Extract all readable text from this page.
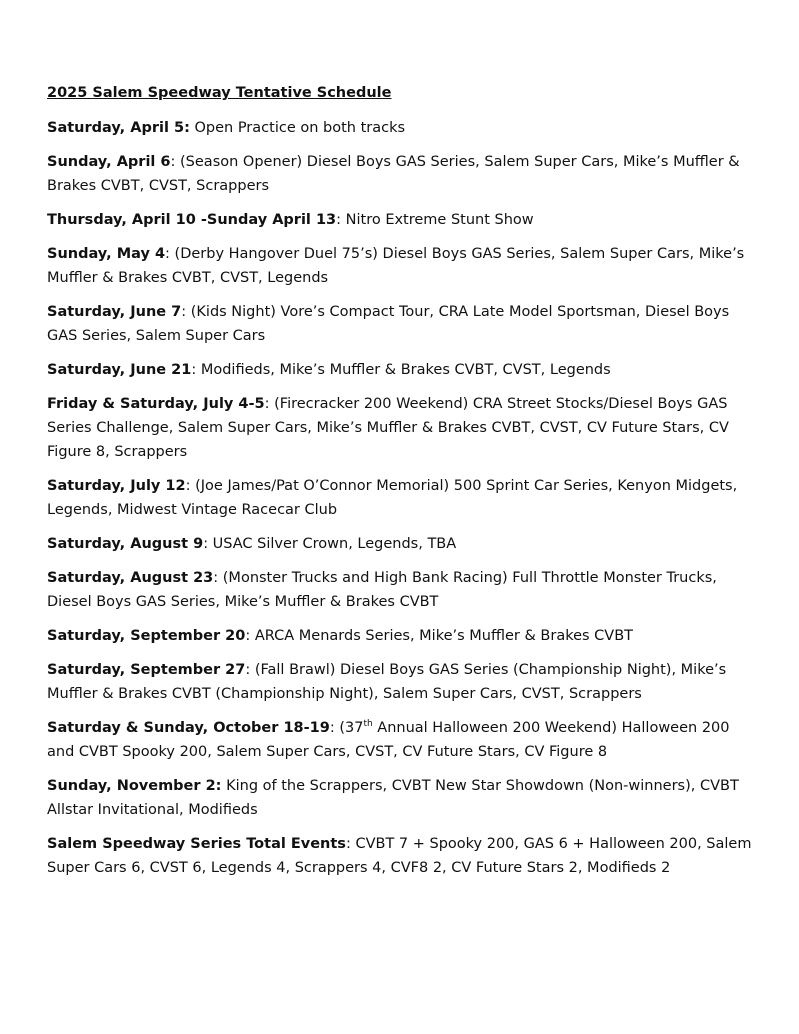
2025 Salem Speedway Tentative Schedule
Saturday, April 5: Open Practice on both tracks
Sunday, April 6: (Season Opener) Diesel Boys GAS Series, Salem Super Cars, Mike’s Muffler & Brakes CVBT, CVST, Scrappers
Thursday, April 10 -Sunday April 13: Nitro Extreme Stunt Show
Sunday, May 4: (Derby Hangover Duel 75’s) Diesel Boys GAS Series, Salem Super Cars, Mike’s Muffler & Brakes CVBT, CVST, Legends
Saturday, June 7: (Kids Night) Vore’s Compact Tour, CRA Late Model Sportsman, Diesel Boys GAS Series, Salem Super Cars
Saturday, June 21: Modifieds, Mike’s Muffler & Brakes CVBT, CVST, Legends
Friday & Saturday, July 4-5: (Firecracker 200 Weekend) CRA Street Stocks/Diesel Boys GAS Series Challenge, Salem Super Cars, Mike’s Muffler & Brakes CVBT, CVST, CV Future Stars, CV Figure 8, Scrappers
Saturday, July 12: (Joe James/Pat O’Connor Memorial) 500 Sprint Car Series, Kenyon Midgets, Legends, Midwest Vintage Racecar Club
Saturday, August 9: USAC Silver Crown, Legends, TBA
Saturday, August 23: (Monster Trucks and High Bank Racing) Full Throttle Monster Trucks, Diesel Boys GAS Series, Mike’s Muffler & Brakes CVBT
Saturday, September 20: ARCA Menards Series, Mike’s Muffler & Brakes CVBT
Saturday, September 27: (Fall Brawl) Diesel Boys GAS Series (Championship Night), Mike’s Muffler & Brakes CVBT (Championship Night), Salem Super Cars, CVST, Scrappers
Saturday & Sunday, October 18-19: (37th Annual Halloween 200 Weekend) Halloween 200 and CVBT Spooky 200, Salem Super Cars, CVST, CV Future Stars, CV Figure 8
Sunday, November 2: King of the Scrappers, CVBT New Star Showdown (Non-winners), CVBT Allstar Invitational, Modifieds
Salem Speedway Series Total Events: CVBT 7 + Spooky 200, GAS 6 + Halloween 200, Salem Super Cars 6, CVST 6, Legends 4, Scrappers 4, CVF8 2, CV Future Stars 2, Modifieds 2
